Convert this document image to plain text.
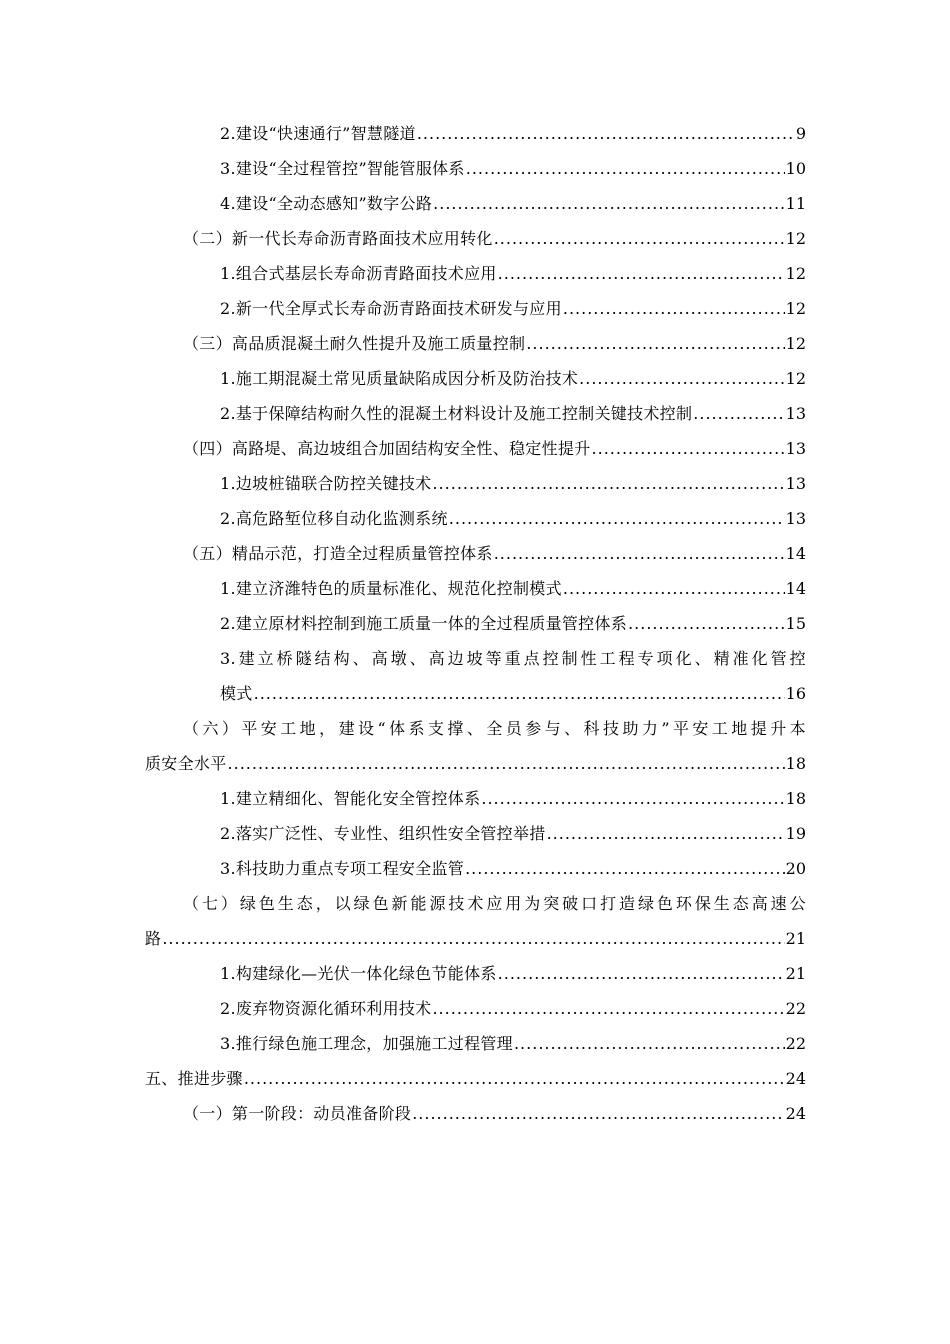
2.建设“快速通行”智慧隧道 .....	9
3.建设“全过程管控”智能管服体系 .....	10
4.建设“全动态感知”数字公路 .....	11
（二）新一代长寿命沥青路面技术应用转化 .....	12
1.组合式基层长寿命沥青路面技术应用 .....	12
2.新一代全厚式长寿命沥青路面技术研发与应用 .....	12
（三）高品质混凝土耐久性提升及施工质量控制 .....	12
1.施工期混凝土常见质量缺陷成因分析及防治技术 .....	12
2.基于保障结构耐久性的混凝土材料设计及施工控制关键技术控制 .....	13
（四）高路堤、高边坡组合加固结构安全性、稳定性提升 .....	13
1.边坡桩锚联合防控关键技术 .....	13
2.高危路堑位移自动化监测系统 .....	13
（五）精品示范，打造全过程质量管控体系 .....	14
1.建立济潍特色的质量标准化、规范化控制模式 .....	14
2.建立原材料控制到施工质量一体的全过程质量管控体系 .....	15
3.建立桥隧结构、高墩、高边坡等重点控制性工程专项化、精准化管控
模式 .....	16
（六）平安工地，建设“体系支撑、全员参与、科技助力”平安工地提升本
质安全水平 .....	18
1.建立精细化、智能化安全管控体系 .....	18
2.落实广泛性、专业性、组织性安全管控举措 .....	19
3.科技助力重点专项工程安全监管 .....	20
（七）绿色生态，以绿色新能源技术应用为突破口打造绿色环保生态高速公
路 .....	21
1.构建绿化—光伏一体化绿色节能体系 .....	21
2.废弃物资源化循环利用技术 .....	22
3.推行绿色施工理念，加强施工过程管理 .....	22
五、推进步骤 .....	24
（一）第一阶段：动员准备阶段 .....	24
